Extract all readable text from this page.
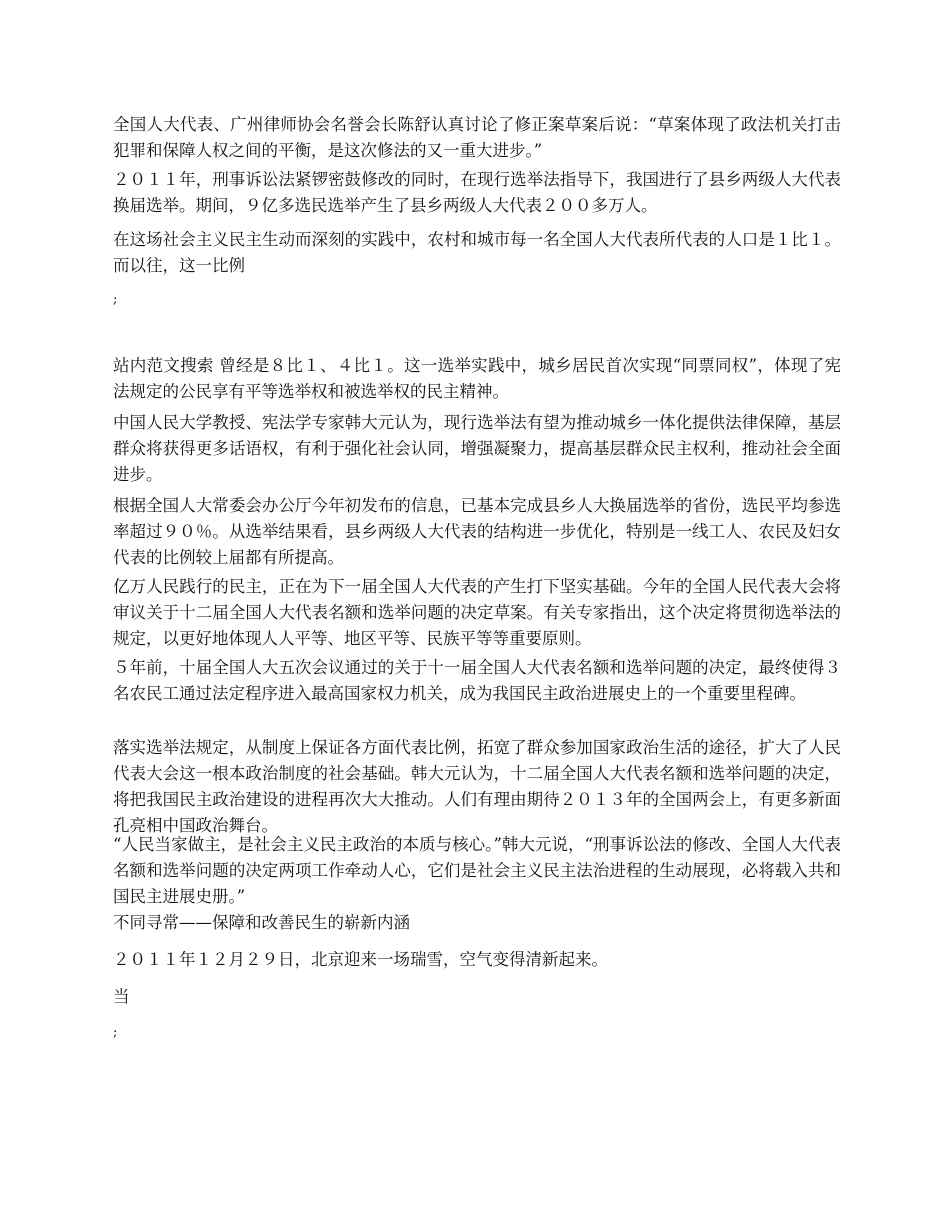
全国人大代表、广州律师协会名誉会长陈舒认真讨论了修正案草案后说：“草案体现了政法机关打击犯罪和保障人权之间的平衡，是这次修法的又一重大进步。”

２０１１年，刑事诉讼法紧锣密鼓修改的同时，在现行选举法指导下，我国进行了县乡两级人大代表换届选举。期间，９亿多选民选举产生了县乡两级人大代表２００多万人。

在这场社会主义民主生动而深刻的实践中，农村和城市每一名全国人大代表所代表的人口是１比１。而以往，这一比例

;

站内范文搜索 曾经是８比１、４比１。这一选举实践中，城乡居民首次实现“同票同权”，体现了宪法规定的公民享有平等选举权和被选举权的民主精神。

中国人民大学教授、宪法学专家韩大元认为，现行选举法有望为推动城乡一体化提供法律保障，基层群众将获得更多话语权，有利于强化社会认同，增强凝聚力，提高基层群众民主权利，推动社会全面进步。

根据全国人大常委会办公厅今年初发布的信息，已基本完成县乡人大换届选举的省份，选民平均参选率超过９０％。从选举结果看，县乡两级人大代表的结构进一步优化，特别是一线工人、农民及妇女代表的比例较上届都有所提高。

亿万人民践行的民主，正在为下一届全国人大代表的产生打下坚实基础。今年的全国人民代表大会将审议关于十二届全国人大代表名额和选举问题的决定草案。有关专家指出，这个决定将贯彻选举法的规定，以更好地体现人人平等、地区平等、民族平等等重要原则。

５年前，十届全国人大五次会议通过的关于十一届全国人大代表名额和选举问题的决定，最终使得３名农民工通过法定程序进入最高国家权力机关，成为我国民主政治进展史上的一个重要里程碑。

落实选举法规定，从制度上保证各方面代表比例，拓宽了群众参加国家政治生活的途径，扩大了人民代表大会这一根本政治制度的社会基础。韩大元认为，十二届全国人大代表名额和选举问题的决定，将把我国民主政治建设的进程再次大大推动。人们有理由期待２０１３年的全国两会上，有更多新面孔亮相中国政治舞台。

“人民当家做主，是社会主义民主政治的本质与核心。”韩大元说，“刑事诉讼法的修改、全国人大代表名额和选举问题的决定两项工作牵动人心，它们是社会主义民主法治进程的生动展现，必将载入共和国民主进展史册。”

不同寻常——保障和改善民生的崭新内涵

２０１１年１２月２９日，北京迎来一场瑞雪，空气变得清新起来。

当

;
